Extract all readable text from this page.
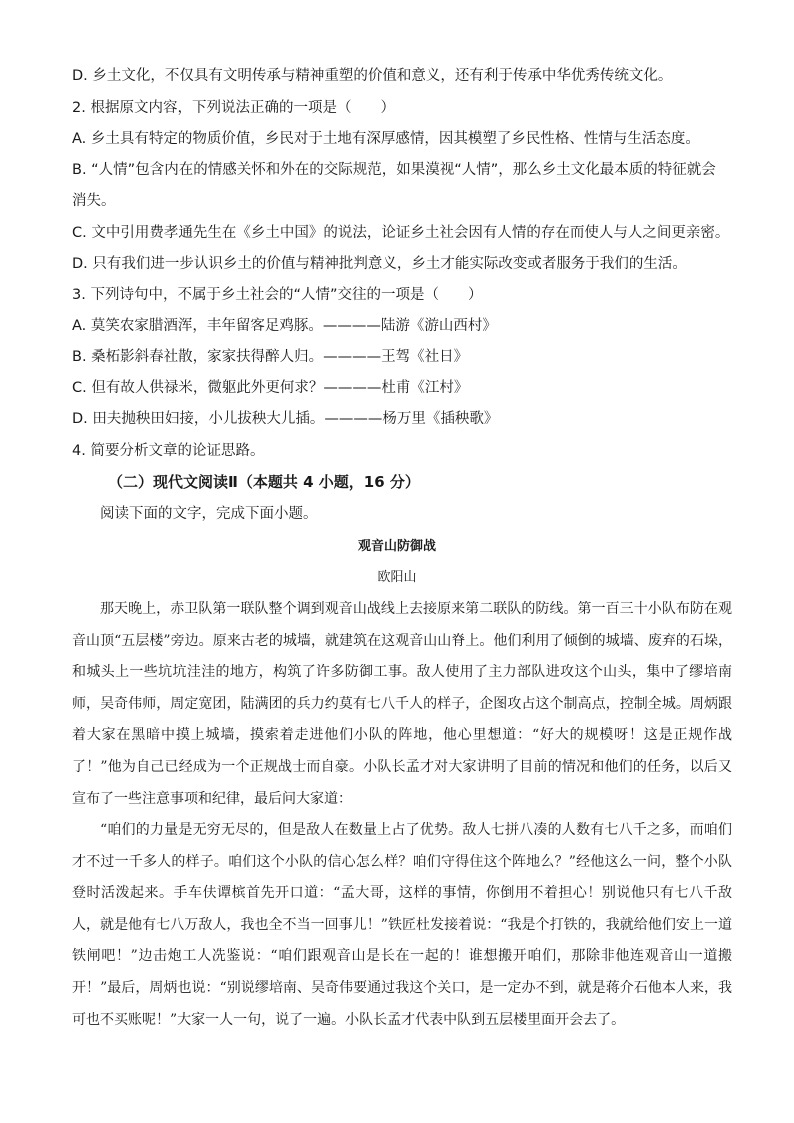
D. 乡土文化，不仅具有文明传承与精神重塑的价值和意义，还有利于传承中华优秀传统文化。
2. 根据原文内容，下列说法正确的一项是（　　）
A. 乡土具有特定的物质价值，乡民对于土地有深厚感情，因其模塑了乡民性格、性情与生活态度。
B. “人情”包含内在的情感关怀和外在的交际规范，如果漠视“人情”，那么乡土文化最本质的特征就会
消失。
C. 文中引用费孝通先生在《乡土中国》的说法，论证乡土社会因有人情的存在而使人与人之间更亲密。
D. 只有我们进一步认识乡土的价值与精神批判意义，乡土才能实际改变或者服务于我们的生活。
3. 下列诗句中，不属于乡土社会的“人情”交往的一项是（　　）
A. 莫笑农家腊酒浑，丰年留客足鸡豚。————陆游《游山西村》
B. 桑柘影斜春社散，家家扶得醉人归。————王驾《社日》
C. 但有故人供禄米，微躯此外更何求？————杜甫《江村》
D. 田夫抛秧田妇接，小儿拔秧大儿插。————杨万里《插秧歌》
4. 简要分析文章的论证思路。
（二）现代文阅读Ⅱ（本题共 4 小题，16 分）
阅读下面的文字，完成下面小题。
观音山防御战
欧阳山
那天晚上，赤卫队第一联队整个调到观音山战线上去接原来第二联队的防线。第一百三十小队布防在观音山顶“五层楼”旁边。原来古老的城墙，就建筑在这观音山山脊上。他们利用了倾倒的城墙、废弃的石垛，和城头上一些坑坑洼洼的地方，构筑了许多防御工事。敌人使用了主力部队进攻这个山头，集中了缪培南师，吴奇伟师，周定宽团，陆满团的兵力约莫有七八千人的样子，企图攻占这个制高点，控制全城。周炳跟着大家在黑暗中摸上城墙，摸索着走进他们小队的阵地，他心里想道：“好大的规模呀！这是正规作战了！”他为自己已经成为一个正规战士而自豪。小队长孟才对大家讲明了目前的情况和他们的任务，以后又宣布了一些注意事项和纪律，最后问大家道：
“咱们的力量是无穷无尽的，但是敌人在数量上占了优势。敌人七拼八凑的人数有七八千之多，而咱们才不过一千多人的样子。咱们这个小队的信心怎么样？咱们守得住这个阵地么？”经他这么一问，整个小队登时活泼起来。手车伕谭槟首先开口道：“孟大哥，这样的事情，你倒用不着担心！别说他只有七八千敌人，就是他有七八万敌人，我也全不当一回事儿！”铁匠杜发接着说：“我是个打铁的，我就给他们安上一道铁闸吧！”边击炮工人冼鉴说：“咱们跟观音山是长在一起的！谁想搬开咱们，那除非他连观音山一道搬开！”最后，周炳也说：“别说缪培南、吴奇伟要通过我这个关口，是一定办不到，就是蒋介石他本人来，我可也不买账呢！”大家一人一句，说了一遍。小队长孟才代表中队到五层楼里面开会去了。
